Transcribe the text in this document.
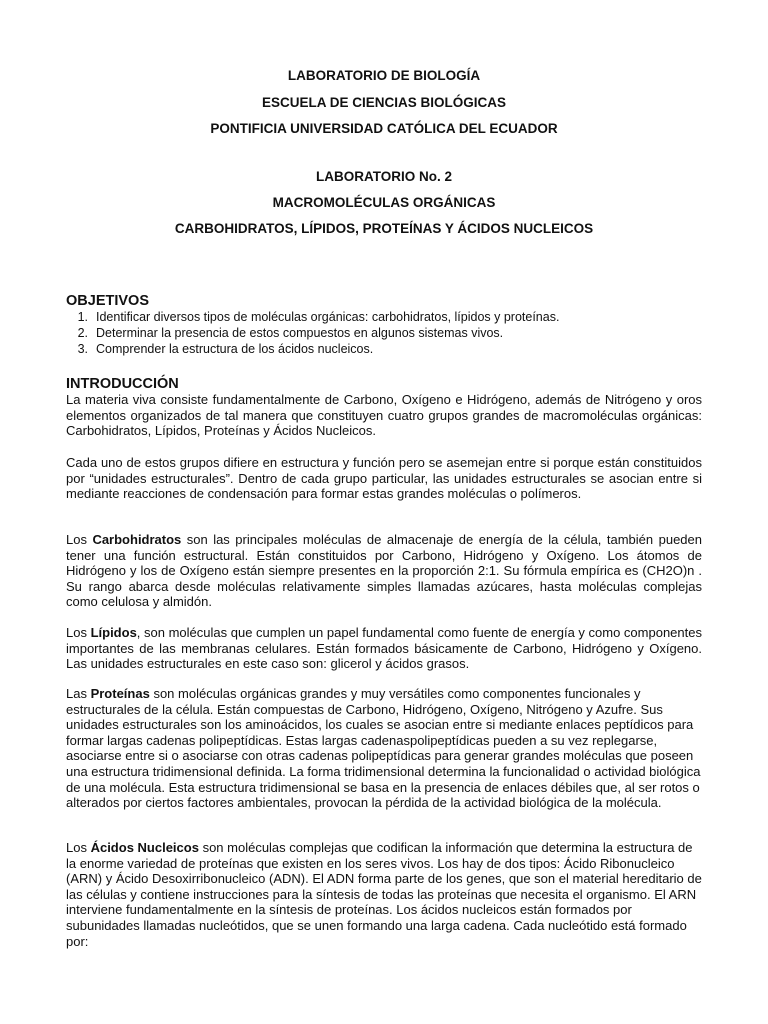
LABORATORIO DE BIOLOGÍA

ESCUELA DE CIENCIAS BIOLÓGICAS

PONTIFICIA UNIVERSIDAD CATÓLICA DEL ECUADOR

LABORATORIO No. 2

MACROMOLÉCULAS ORGÁNICAS

CARBOHIDRATOS, LÍPIDOS, PROTEÍNAS Y ÁCIDOS NUCLEICOS

OBJETIVOS

1. Identificar diversos tipos de moléculas orgánicas: carbohidratos, lípidos y proteínas.
2. Determinar la presencia de estos compuestos en algunos sistemas vivos.
3. Comprender la estructura de los ácidos nucleicos.

INTRODUCCIÓN

La materia viva consiste fundamentalmente de Carbono, Oxígeno e Hidrógeno, además de Nitrógeno y oros elementos organizados de tal manera que constituyen cuatro grupos grandes de macromoléculas orgánicas: Carbohidratos, Lípidos, Proteínas y Ácidos Nucleicos.

Cada uno de estos grupos difiere en estructura y función pero se asemejan entre si porque están constituidos por “unidades estructurales”. Dentro de cada grupo particular, las unidades estructurales se asocian entre si mediante reacciones de condensación para formar estas grandes moléculas o polímeros.

Los Carbohidratos son las principales moléculas de almacenaje de energía de la célula, también pueden tener una función estructural. Están constituidos por Carbono, Hidrógeno y Oxígeno. Los átomos de Hidrógeno y los de Oxígeno están siempre presentes en la proporción 2:1. Su fórmula empírica es (CH2O)n . Su rango abarca desde moléculas relativamente simples llamadas azúcares, hasta moléculas complejas como celulosa y almidón.

Los Lípidos, son moléculas que cumplen un papel fundamental como fuente de energía y como componentes importantes de las membranas celulares. Están formados básicamente de Carbono, Hidrógeno y Oxígeno. Las unidades estructurales en este caso son: glicerol y ácidos grasos.

Las Proteínas son moléculas orgánicas grandes y muy versátiles como componentes funcionales y estructurales de la célula. Están compuestas de Carbono, Hidrógeno, Oxígeno, Nitrógeno y Azufre. Sus unidades estructurales son los aminoácidos, los cuales se asocian entre si mediante enlaces peptídicos para formar largas cadenas polipeptídicas. Estas largas cadenaspolipeptídicas pueden a su vez replegarse, asociarse entre si o asociarse con otras cadenas polipeptídicas para generar grandes moléculas que poseen una estructura tridimensional definida. La forma tridimensional determina la funcionalidad o actividad biológica de una molécula. Esta estructura tridimensional se basa en la presencia de enlaces débiles que, al ser rotos o alterados por ciertos factores ambientales, provocan la pérdida de la actividad biológica de la molécula.

Los Ácidos Nucleicos son moléculas complejas que codifican la información que determina la estructura de la enorme variedad de proteínas que existen en los seres vivos. Los hay de dos tipos: Ácido Ribonucleico (ARN) y Ácido Desoxirribonucleico (ADN). El ADN forma parte de los genes, que son el material hereditario de las células y contiene instrucciones para la síntesis de todas las proteínas que necesita el organismo. El ARN interviene fundamentalmente en la síntesis de proteínas. Los ácidos nucleicos están formados por subunidades llamadas nucleótidos, que se unen formando una larga cadena. Cada nucleótido está formado por:
